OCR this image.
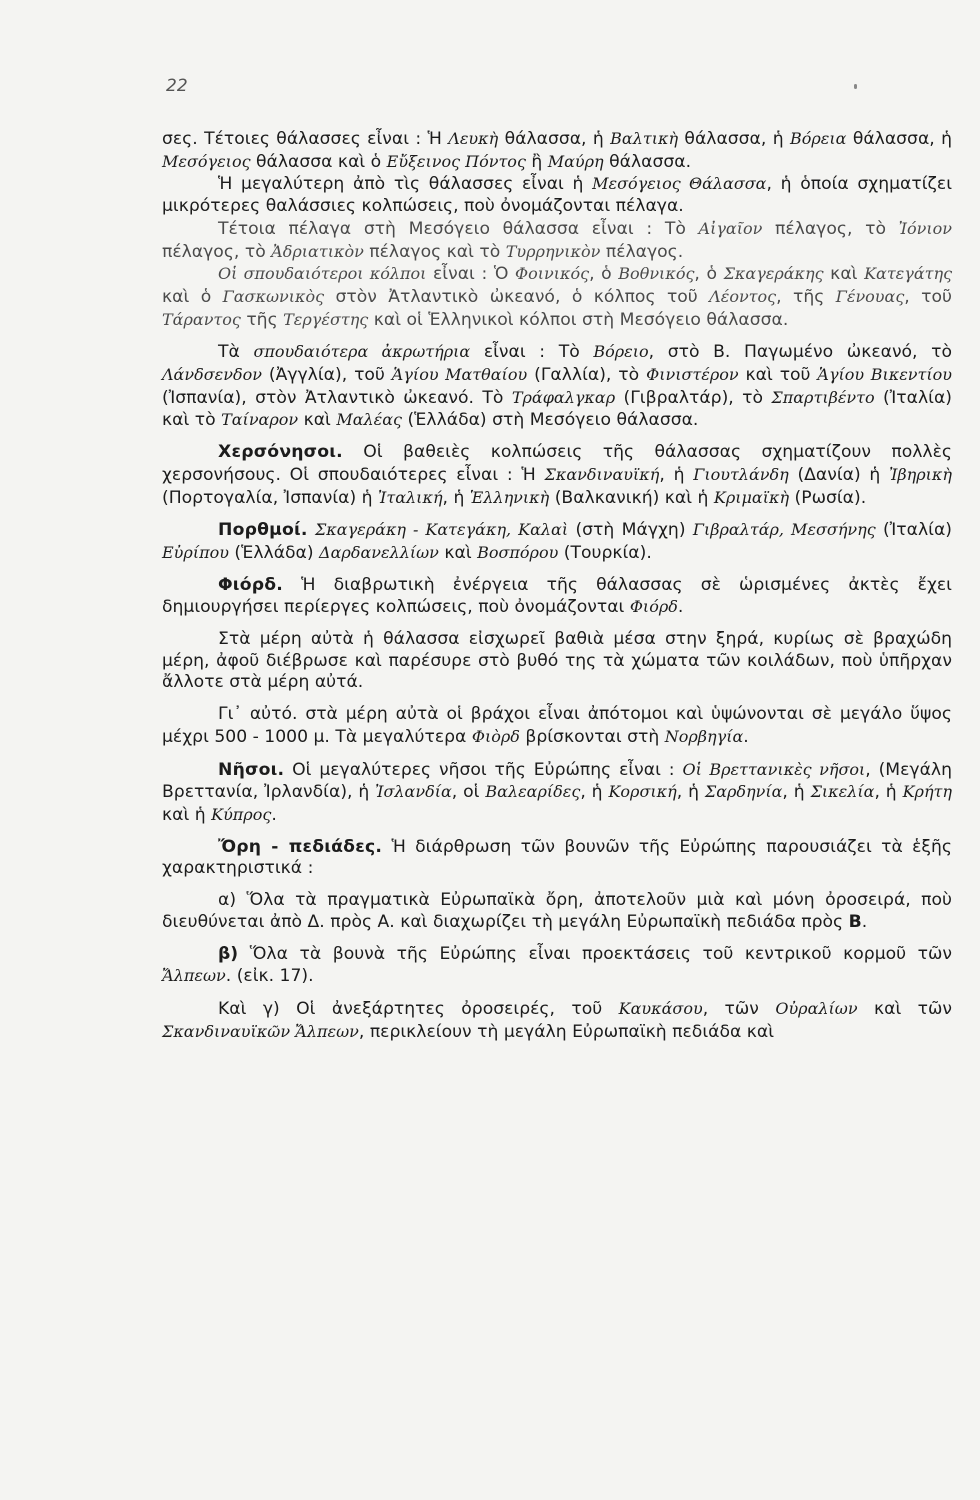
22

σες. Τέτοιες θάλασσες εἶναι : Ἡ Λευκὴ θάλασσα, ἡ Βαλτικὴ θάλασσα, ἡ Βόρεια θάλασσα, ἡ Μεσόγειος θάλασσα καὶ ὁ Εὔξεινος Πόντος ἢ Μαύρη θάλασσα.

Ἡ μεγαλύτερη ἀπὸ τὶς θάλασσες εἶναι ἡ Μεσόγειος Θάλασσα, ἡ ὁποία σχηματίζει μικρότερες θαλάσσιες κολπώσεις, ποὺ ὀνομάζονται πέλαγα.

Τέτοια πέλαγα στὴ Μεσόγειο θάλασσα εἶναι : Τὸ Αἰγαῖον πέλαγος, τὸ Ἰόνιον πέλαγος, τὸ Ἀδριατικὸν πέλαγος καὶ τὸ Τυρρηνικὸν πέλαγος.

Οἱ σπουδαιότεροι κόλποι εἶναι : Ὁ Φοινικός, ὁ Βοθνικός, ὁ Σκαγεράκης καὶ Κατεγάτης καὶ ὁ Γασκωνικὸς στὸν Ἀτλαντικὸ ὠκεανό, ὁ κόλπος τοῦ Λέοντος, τῆς Γένουας, τοῦ Τάραντος τῆς Τεργέστης καὶ οἱ Ἑλληνικοὶ κόλποι στὴ Μεσόγειο θάλασσα.

Τὰ σπουδαιότερα ἀκρωτήρια εἶναι : Τὸ Βόρειο, στὸ Β. Παγωμένο ὠκεανό, τὸ Λάνδσενδον (Ἀγγλία), τοῦ Ἁγίου Ματθαίου (Γαλλία), τὸ Φινιστέρον καὶ τοῦ Ἁγίου Βικεντίου (Ἰσπανία), στὸν Ἀτλαντικὸ ὠκεανό. Τὸ Τράφαλγκαρ (Γιβραλτάρ), τὸ Σπαρτιβέντο (Ἰταλία) καὶ τὸ Ταίναρον καὶ Μαλέας (Ἑλλάδα) στὴ Μεσόγειο θάλασσα.

Χερσόνησοι. Οἱ βαθειὲς κολπώσεις τῆς θάλασσας σχηματίζουν πολλὲς χερσονήσους. Οἱ σπουδαιότερες εἶναι : Ἡ Σκανδιναυϊκή, ἡ Γιουτλάνδη (Δανία) ἡ Ἰβηρικὴ (Πορτογαλία, Ἰσπανία) ἡ Ἰταλική, ἡ Ἑλληνικὴ (Βαλκανική) καὶ ἡ Κριμαϊκὴ (Ρωσία).

Πορθμοί. Σκαγεράκη - Κατεγάκη, Καλαὶ (στὴ Μάγχη) Γιβραλτάρ, Μεσσήνης (Ἰταλία) Εὐρίπου (Ἑλλάδα) Δαρδανελλίων καὶ Βοσπόρου (Τουρκία).

Φιόρδ. Ἡ διαβρωτικὴ ἐνέργεια τῆς θάλασσας σὲ ὡρισμένες ἀκτὲς ἔχει δημιουργήσει περίεργες κολπώσεις, ποὺ ὀνομάζονται Φιόρδ.

Στὰ μέρη αὐτὰ ἡ θάλασσα εἰσχωρεῖ βαθιὰ μέσα στην ξηρά, κυρίως σὲ βραχώδη μέρη, ἀφοῦ διέβρωσε καὶ παρέσυρε στὸ βυθό της τὰ χώματα τῶν κοιλάδων, ποὺ ὑπῆρχαν ἄλλοτε στὰ μέρη αὐτά.

Γι᾽ αὐτό. στὰ μέρη αὐτὰ οἱ βράχοι εἶναι ἀπότομοι καὶ ὑψώνονται σὲ μεγάλο ὕψος μέχρι 500 - 1000 μ. Τὰ μεγαλύτερα Φιὸρδ βρίσκονται στὴ Νορβηγία.

Νῆσοι. Οἱ μεγαλύτερες νῆσοι τῆς Εὐρώπης εἶναι : Οἱ Βρεττανικὲς νῆσοι, (Μεγάλη Βρεττανία, Ἰρλανδία), ἡ Ἰσλανδία, οἱ Βαλεαρίδες, ἡ Κορσική, ἡ Σαρδηνία, ἡ Σικελία, ἡ Κρήτη καὶ ἡ Κύπρος.

Ὄρη - πεδιάδες. Ἡ διάρθρωση τῶν βουνῶν τῆς Εὐρώπης παρουσιάζει τὰ ἑξῆς χαρακτηριστικά :

α) Ὅλα τὰ πραγματικὰ Εὐρωπαϊκὰ ὄρη, ἀποτελοῦν μιὰ καὶ μόνη ὀροσειρά, ποὺ διευθύνεται ἀπὸ Δ. πρὸς Α. καὶ διαχωρίζει τὴ μεγάλη Εὐρωπαϊκὴ πεδιάδα πρὸς Β.

β) Ὅλα τὰ βουνὰ τῆς Εὐρώπης εἶναι προεκτάσεις τοῦ κεντρικοῦ κορμοῦ τῶν Ἄλπεων. (εἰκ. 17).

Καὶ γ) Οἱ ἀνεξάρτητες ὀροσειρές, τοῦ Καυκάσου, τῶν Οὐραλίων καὶ τῶν Σκανδιναυϊκῶν Ἄλπεων, περικλείουν τὴ μεγάλη Εὐρωπαϊκὴ πεδιάδα καὶ
